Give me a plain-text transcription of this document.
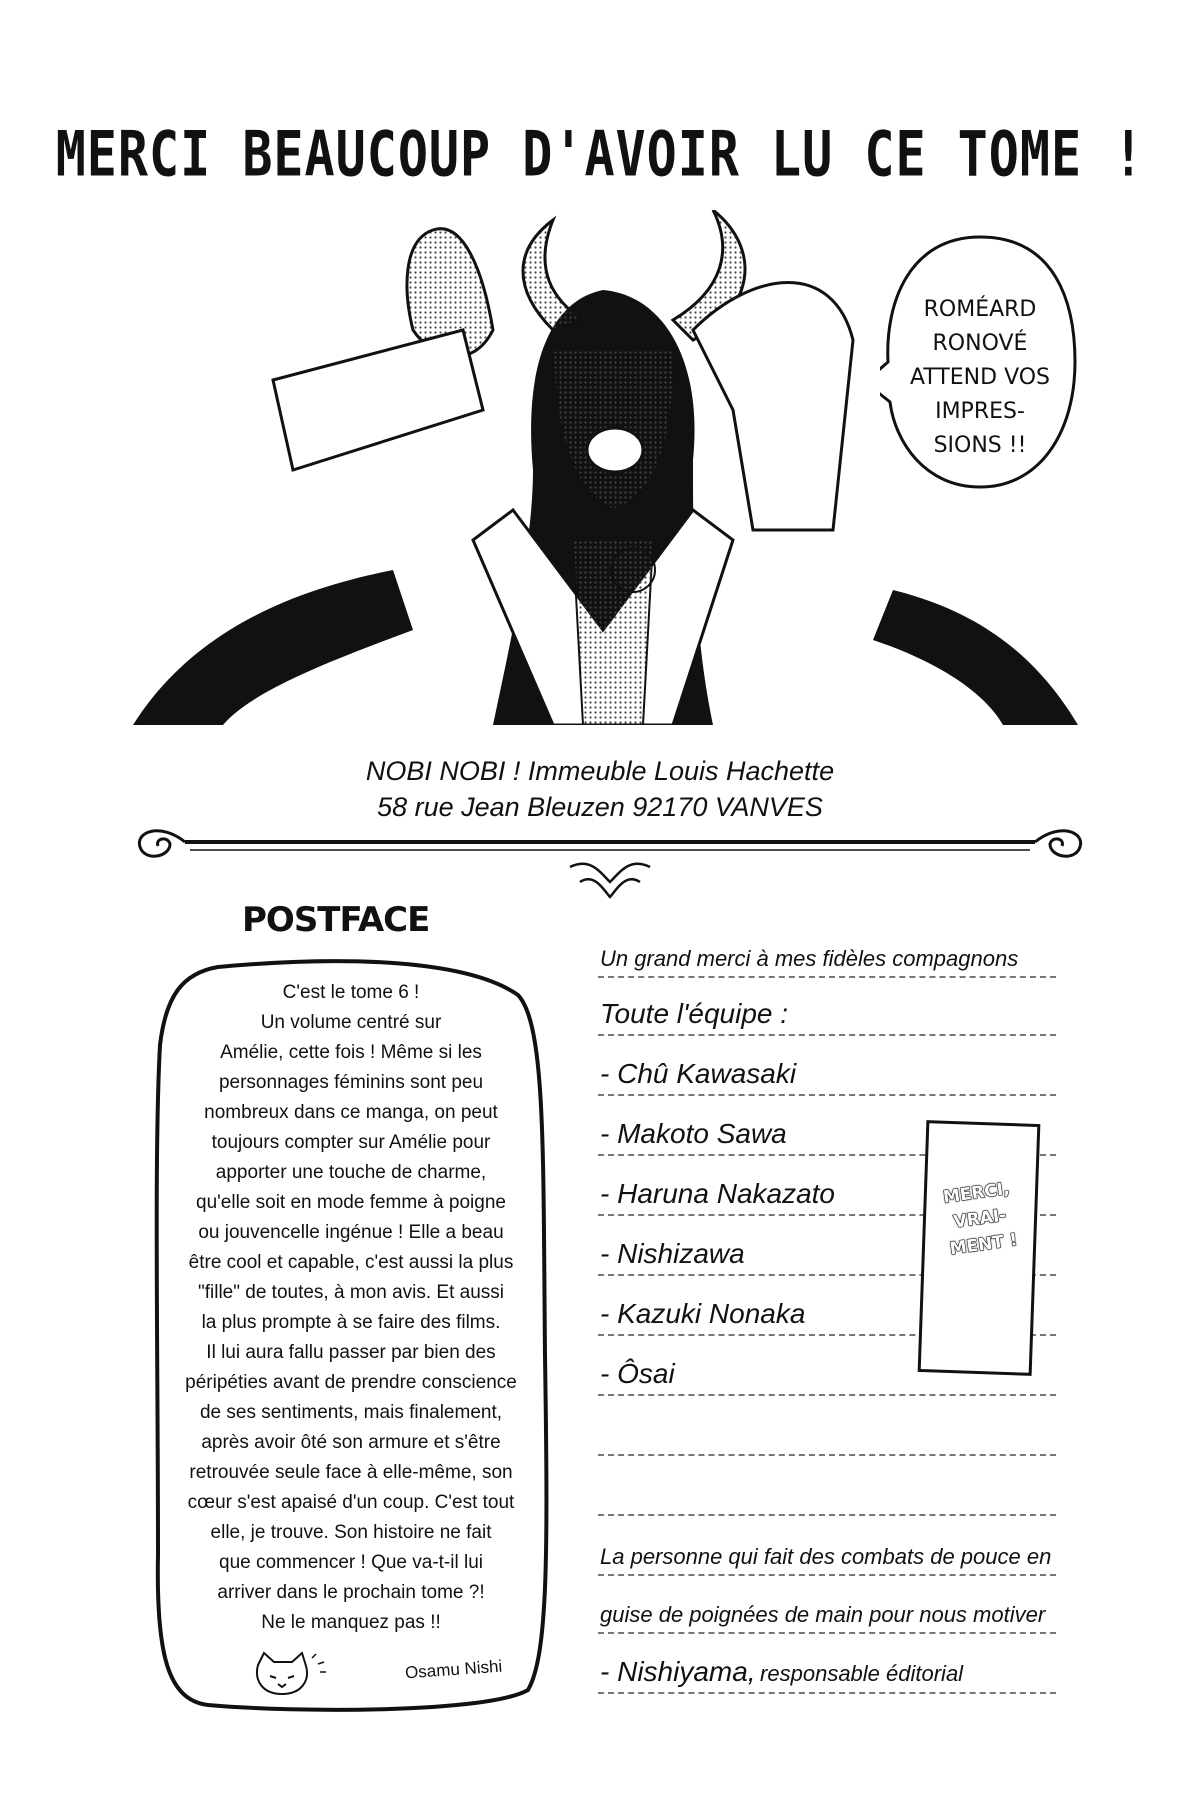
MERCI BEAUCOUP D'AVOIR LU CE TOME !
ROMÉARD
RONOVÉ
ATTEND VOS
IMPRES-
SIONS !!
NOBI NOBI ! Immeuble Louis Hachette
58 rue Jean Bleuzen 92170 VANVES
POSTFACE
C'est le tome 6 !
Un volume centré sur
Amélie, cette fois ! Même si les
personnages féminins sont peu
nombreux dans ce manga, on peut
toujours compter sur Amélie pour
apporter une touche de charme,
qu'elle soit en mode femme à poigne
ou jouvencelle ingénue ! Elle a beau
être cool et capable, c'est aussi la plus
"fille" de toutes, à mon avis. Et aussi
la plus prompte à se faire des films.
Il lui aura fallu passer par bien des
péripéties avant de prendre conscience
de ses sentiments, mais finalement,
après avoir ôté son armure et s'être
retrouvée seule face à elle-même, son
cœur s'est apaisé d'un coup. C'est tout
elle, je trouve. Son histoire ne fait
que commencer ! Que va-t-il lui
arriver dans le prochain tome ?!
Ne le manquez pas !!
Osamu Nishi
Un grand merci à mes fidèles compagnons
Toute l'équipe :
- Chû Kawasaki
- Makoto Sawa
- Haruna Nakazato
- Nishizawa
- Kazuki Nonaka
- Ôsai
La personne qui fait des combats de pouce en
guise de poignées de main pour nous motiver
- Nishiyama, responsable éditorial
MERCI,
VRAI-
MENT !
